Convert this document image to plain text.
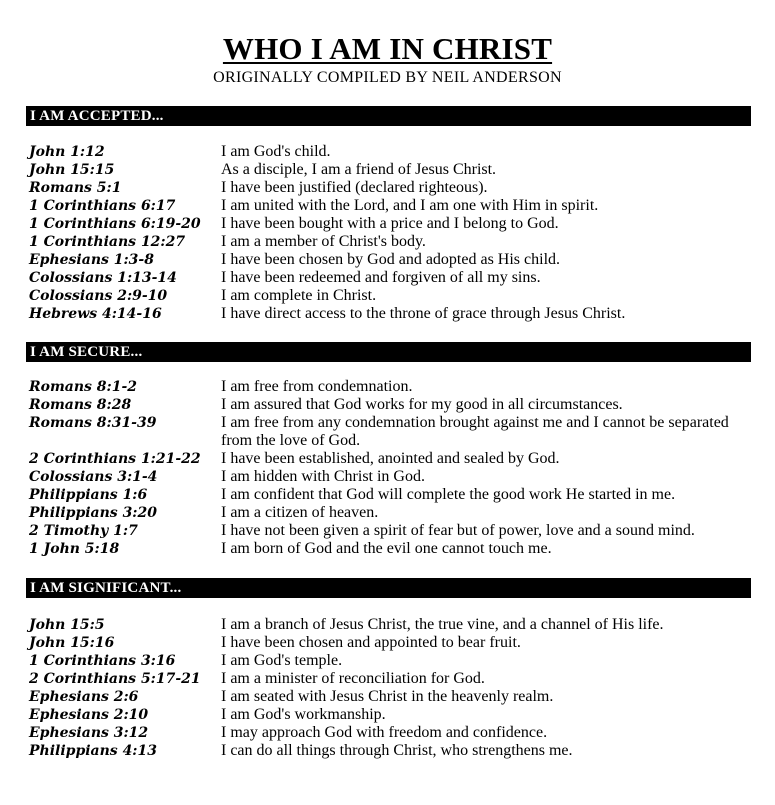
WHO I AM IN CHRIST
ORIGINALLY COMPILED BY NEIL ANDERSON
I AM ACCEPTED...
John 1:12	I am God's child.
John 15:15	As a disciple, I am a friend of Jesus Christ.
Romans 5:1	I have been justified (declared righteous).
1 Corinthians 6:17	I am united with the Lord, and I am one with Him in spirit.
1 Corinthians 6:19-20	I have been bought with a price and I belong to God.
1 Corinthians 12:27	I am a member of Christ's body.
Ephesians 1:3-8	I have been chosen by God and adopted as His child.
Colossians 1:13-14	I have been redeemed and forgiven of all my sins.
Colossians 2:9-10	I am complete in Christ.
Hebrews 4:14-16	I have direct access to the throne of grace through Jesus Christ.
I AM SECURE...
Romans 8:1-2	I am free from condemnation.
Romans 8:28	I am assured that God works for my good in all circumstances.
Romans 8:31-39	I am free from any condemnation brought against me and I cannot be separated from the love of God.
2 Corinthians 1:21-22	I have been established, anointed and sealed by God.
Colossians 3:1-4	I am hidden with Christ in God.
Philippians 1:6	I am confident that God will complete the good work He started in me.
Philippians 3:20	I am a citizen of heaven.
2 Timothy 1:7	I have not been given a spirit of fear but of power, love and a sound mind.
1 John 5:18	I am born of God and the evil one cannot touch me.
I AM SIGNIFICANT...
John 15:5	I am a branch of Jesus Christ, the true vine, and a channel of His life.
John 15:16	I have been chosen and appointed to bear fruit.
1 Corinthians 3:16	I am God's temple.
2 Corinthians 5:17-21	I am a minister of reconciliation for God.
Ephesians 2:6	I am seated with Jesus Christ in the heavenly realm.
Ephesians 2:10	I am God's workmanship.
Ephesians 3:12	I may approach God with freedom and confidence.
Philippians 4:13	I can do all things through Christ, who strengthens me.
